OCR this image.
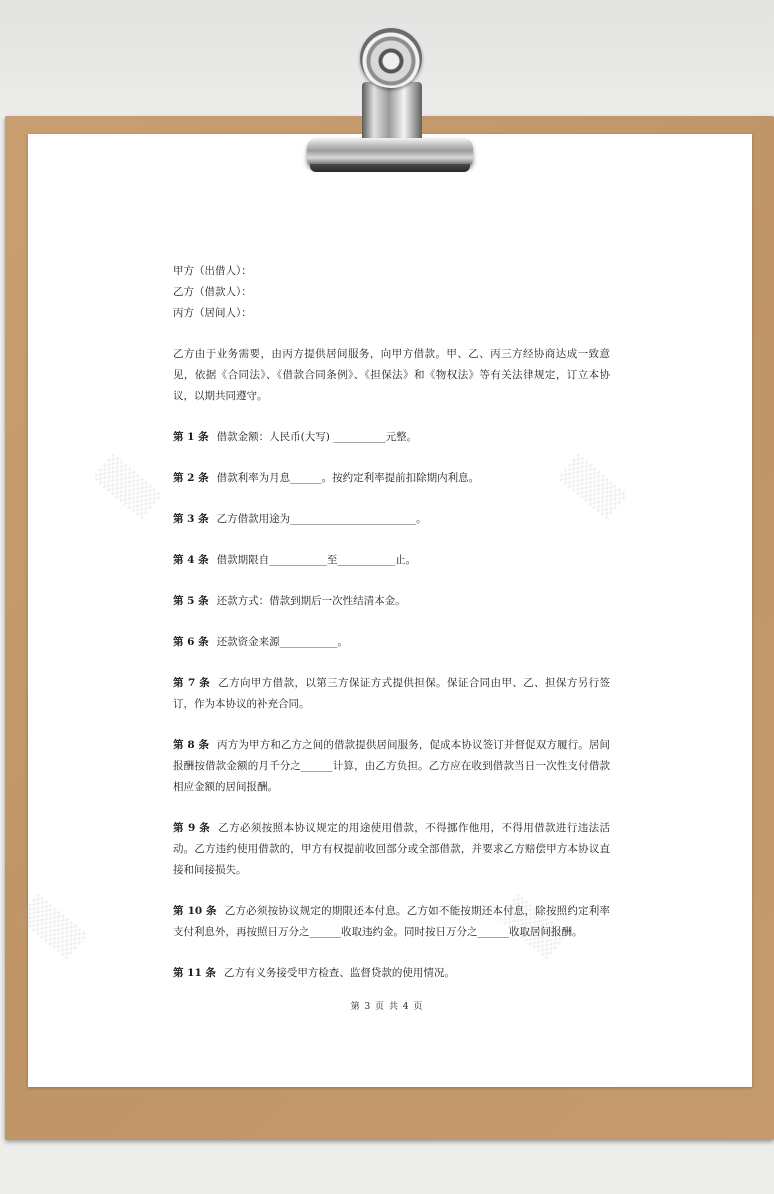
▒▒▒	▒▒▒
▒▒▒	▒▒▒

甲方（出借人）：

乙方（借款人）：

丙方（居间人）：

乙方由于业务需要，由丙方提供居间服务，向甲方借款。甲、乙、丙三方经协商达成一致意见，依据《合同法》、《借款合同条例》、《担保法》和《物权法》等有关法律规定，订立本协议，以期共同遵守。

第 1 条 借款金额：人民币(大写) __________元整。

第 2 条 借款利率为月息______。按约定利率提前扣除期内利息。

第 3 条 乙方借款用途为________________________。

第 4 条 借款期限自___________至___________止。

第 5 条 还款方式：借款到期后一次性结清本金。

第 6 条 还款资金来源___________。

第 7 条 乙方向甲方借款，以第三方保证方式提供担保。保证合同由甲、乙、担保方另行签订，作为本协议的补充合同。

第 8 条 丙方为甲方和乙方之间的借款提供居间服务，促成本协议签订并督促双方履行。居间报酬按借款金额的月千分之______计算，由乙方负担。乙方应在收到借款当日一次性支付借款相应金额的居间报酬。

第 9 条 乙方必须按照本协议规定的用途使用借款，不得挪作他用，不得用借款进行违法活动。乙方违约使用借款的，甲方有权提前收回部分或全部借款，并要求乙方赔偿甲方本协议直接和间接损失。

第 10 条 乙方必须按协议规定的期限还本付息。乙方如不能按期还本付息，除按照约定利率支付利息外，再按照日万分之______收取违约金。同时按日万分之______收取居间报酬。

第 11 条 乙方有义务接受甲方检查、监督贷款的使用情况。

第 3 页 共 4 页
